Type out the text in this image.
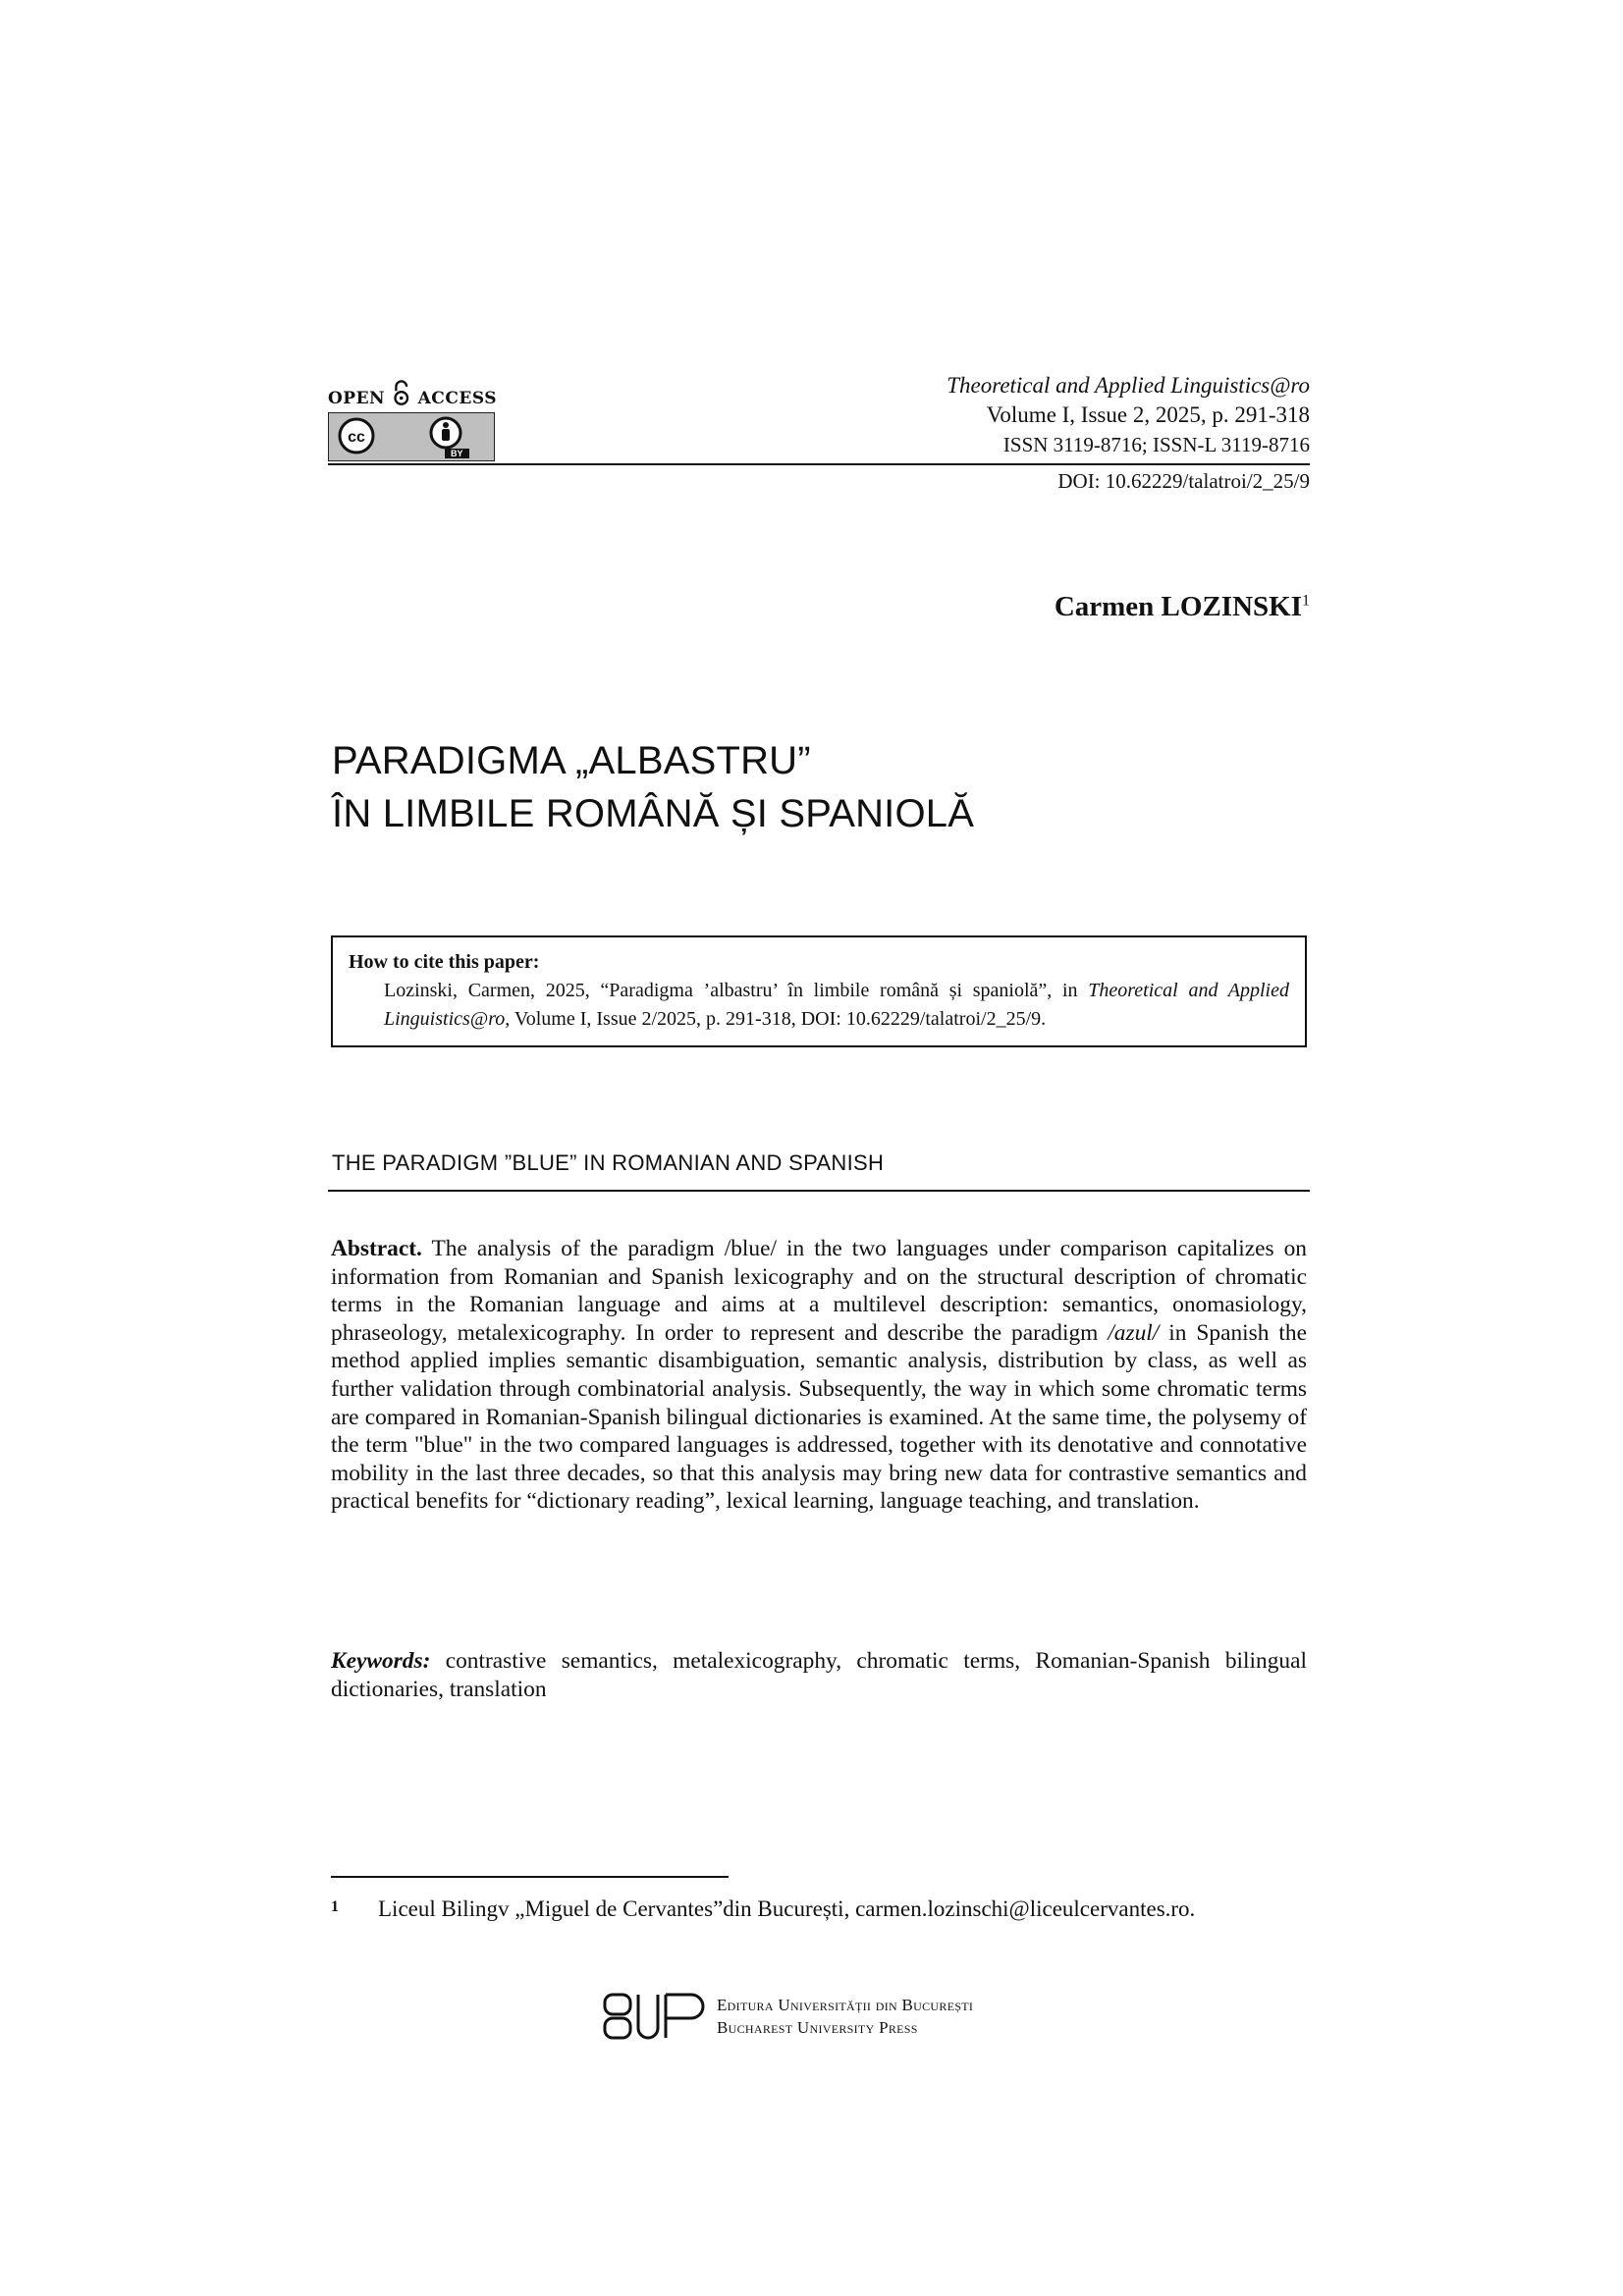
OPEN ACCESS
cc
BY
Theoretical and Applied Linguistics@ro
Volume I, Issue 2, 2025, p. 291-318
ISSN 3119-8716; ISSN-L 3119-8716
DOI: 10.62229/talatroi/2_25/9
Carmen LOZINSKI$^1$
PARADIGMA „ALBASTRU”
ÎN LIMBILE ROMÂNĂ ȘI SPANIOLĂ
How to cite this paper:
Lozinski, Carmen, 2025, “Paradigma ’albastru’ în limbile română și spaniolă”, in Theoretical and Applied Linguistics@ro, Volume I, Issue 2/2025, p. 291-318, DOI: 10.62229/talatroi/2_25/9.
THE PARADIGM ”BLUE” IN ROMANIAN AND SPANISH
Abstract. The analysis of the paradigm /blue/ in the two languages under comparison capitalizes on information from Romanian and Spanish lexicography and on the structural description of chromatic terms in the Romanian language and aims at a multilevel description: semantics, onomasiology, phraseology, metalexicography. In order to represent and describe the paradigm /azul/ in Spanish the method applied implies semantic disambiguation, semantic analysis, distribution by class, as well as further validation through combinatorial analysis. Subsequently, the way in which some chromatic terms are compared in Romanian-Spanish bilingual dictionaries is examined. At the same time, the polysemy of the term "blue" in the two compared languages is addressed, together with its denotative and connotative mobility in the last three decades, so that this analysis may bring new data for contrastive semantics and practical benefits for “dictionary reading”, lexical learning, language teaching, and translation.
Keywords: contrastive semantics, metalexicography, chromatic terms, Romanian-Spanish bilingual dictionaries, translation
1 Liceul Bilingv „Miguel de Cervantes”din București, carmen.lozinschi@liceulcervantes.ro.
Editura Universității din București
Bucharest University Press
